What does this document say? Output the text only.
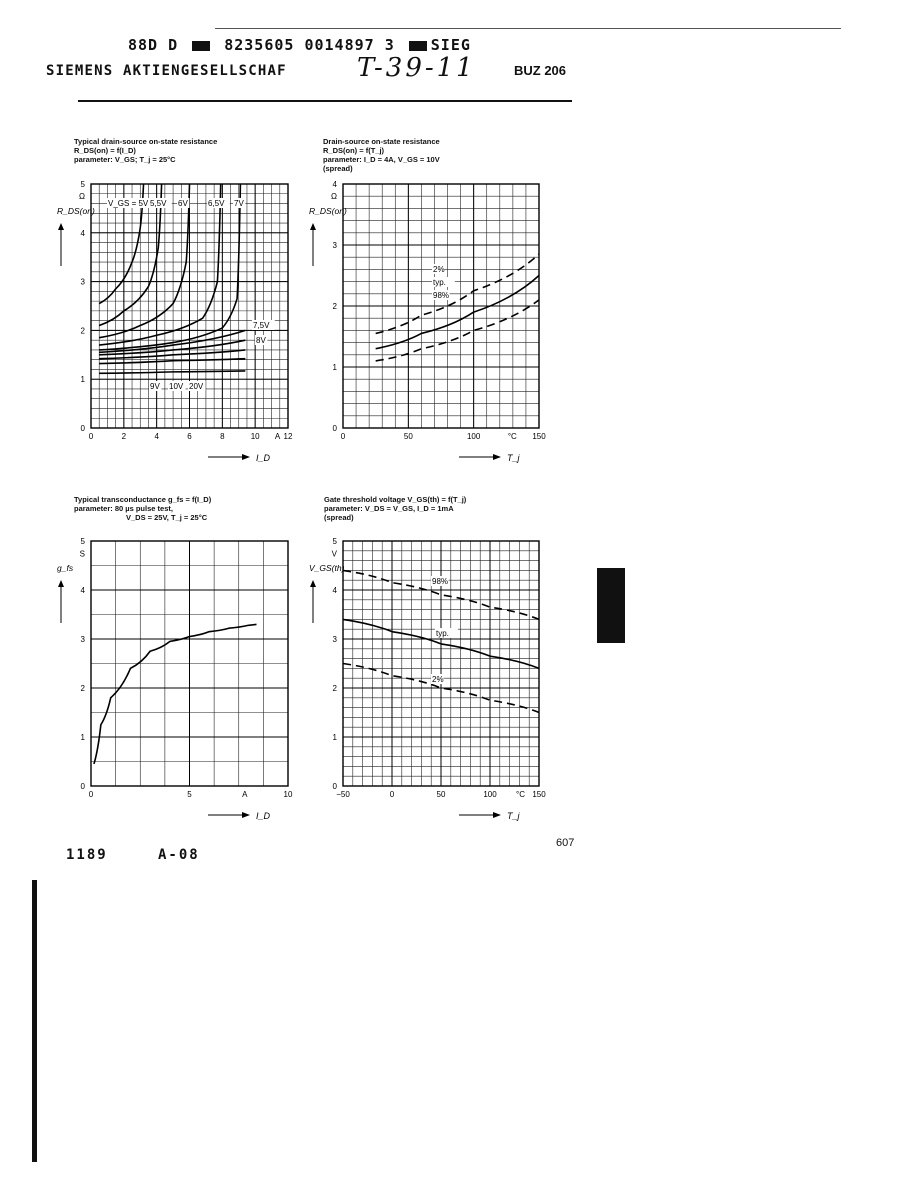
88D D	8235605 0014897 3 SIEG
SIEMENS AKTIENGESELLSCHAF	T-39-11	BUZ 206
Typical drain-source on-state resistance
R_DS(on) = f(I_D)
parameter: V_GS; T_j = 25°C
Drain-source on-state resistance
R_DS(on) = f(T_j)
parameter: I_D = 4A, V_GS = 10V
(spread)
Typical transconductance g_fs = f(I_D)
parameter: 80 µs pulse test,
V_DS = 25V, T_j = 25°C
Gate threshold voltage V_GS(th) = f(T_j)
parameter: V_DS = V_GS, I_D = 1mA
(spread)
0	2	4	6	8	10	12
0
1
2
3
4
5
A
Ω
R_DS(on)
I_D
V_GS = 5V 5,5V 6V	6,5V 7V
7,5V
8V
9V 10V 20V
0	50	100	150
0
1
2
3
4
°C
Ω
R_DS(on)
T_j
2%
typ.
98%
0	5	10
0
1
2
3
4
5
A
S
g_fs
I_D
−50	0	50	100	150
0
1
2
3
4
5
°C
V
V_GS(th)
T_j
98%
typ.
2%
607
1189	A-08
